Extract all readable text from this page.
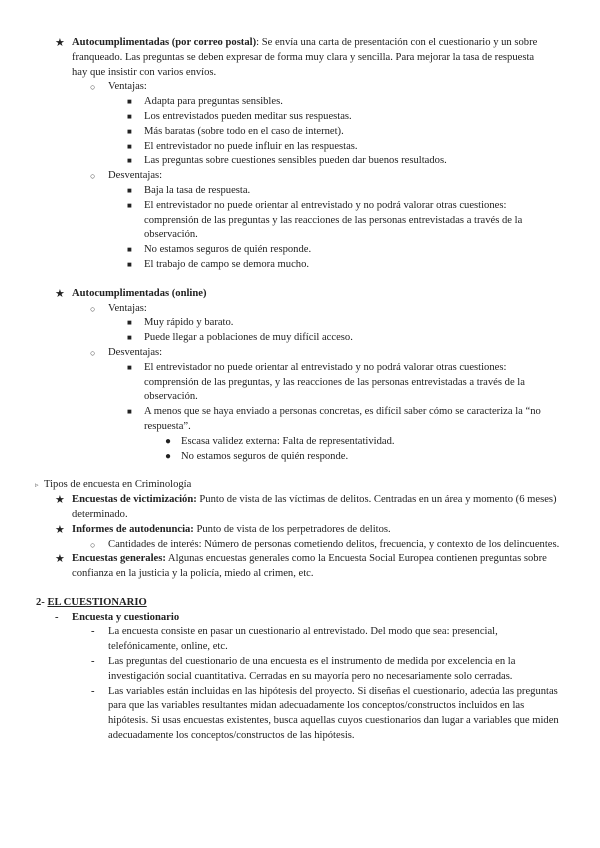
★ Autocumplimentadas (por correo postal): Se envía una carta de presentación con el cuestionario y un sobre franqueado. Las preguntas se deben expresar de forma muy clara y sencilla. Para mejorar la tasa de respuesta hay que insistir con varios envíos.
○ Ventajas:
■ Adapta para preguntas sensibles.
■ Los entrevistados pueden meditar sus respuestas.
■ Más baratas (sobre todo en el caso de internet).
■ El entrevistador no puede influir en las respuestas.
■ Las preguntas sobre cuestiones sensibles pueden dar buenos resultados.
○ Desventajas:
■ Baja la tasa de respuesta.
■ El entrevistador no puede orientar al entrevistado y no podrá valorar otras cuestiones: comprensión de las preguntas y las reacciones de las personas entrevistadas a través de la observación.
■ No estamos seguros de quién responde.
■ El trabajo de campo se demora mucho.
★ Autocumplimentadas (online)
○ Ventajas:
■ Muy rápido y barato.
■ Puede llegar a poblaciones de muy difícil acceso.
○ Desventajas:
■ El entrevistador no puede orientar al entrevistado y no podrá valorar otras cuestiones: comprensión de las preguntas, y las reacciones de las personas entrevistadas a través de la observación.
■ A menos que se haya enviado a personas concretas, es difícil saber cómo se caracteriza la “no respuesta”.
● Escasa validez externa: Falta de representatividad.
● No estamos seguros de quién responde.
▹ Tipos de encuesta en Criminología
★ Encuestas de victimización: Punto de vista de las víctimas de delitos. Centradas en un área y momento (6 meses) determinado.
★ Informes de autodenuncia: Punto de vista de los perpetradores de delitos.
○ Cantidades de interés: Número de personas cometiendo delitos, frecuencia, y contexto de los delincuentes.
★ Encuestas generales: Algunas encuestas generales como la Encuesta Social Europea contienen preguntas sobre confianza en la justicia y la policía, miedo al crimen, etc.
2- EL CUESTIONARIO
- Encuesta y cuestionario
- La encuesta consiste en pasar un cuestionario al entrevistado. Del modo que sea: presencial, telefónicamente, online, etc.
- Las preguntas del cuestionario de una encuesta es el instrumento de medida por excelencia en la investigación social cuantitativa. Cerradas en su mayoría pero no necesariamente solo cerradas.
- Las variables están incluidas en las hipótesis del proyecto. Si diseñas el cuestionario, adecúa las preguntas para que las variables resultantes midan adecuadamente los conceptos/constructos incluidos en las hipótesis. Si usas encuestas existentes, busca aquellas cuyos cuestionarios dan lugar a variables que miden adecuadamente los conceptos/constructos de las hipótesis.
